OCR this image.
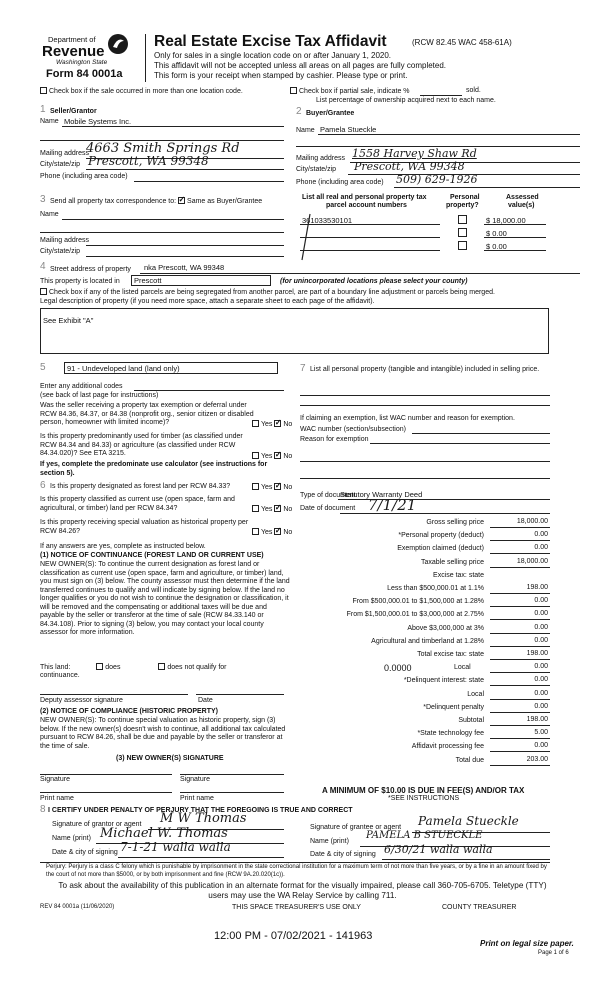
Department of
Revenue
Washington State
Form 84 0001a
Real Estate Excise Tax Affidavit	(RCW 82.45 WAC 458-61A)
Only for sales in a single location code on or after January 1, 2020.
This affidavit will not be accepted unless all areas on all pages are fully completed.
This form is your receipt when stamped by cashier. Please type or print.
Check box if the sale occurred in more than one location code.	Check box if partial sale, indicate %	sold.
List percentage of ownership acquired next to each name.
1 Seller/Grantor
Name Mobile Systems Inc.
Mailing address
4663 Smith Springs Rd
City/state/zip Prescott, WA 99348
Phone (including area code)
2 Buyer/Grantee
Name Pamela Stueckle
Mailing address 1558 Harvey Shaw Rd
City/state/zip Prescott, WA 99348
Phone (including area code) 509) 629-1926
3 Send all property tax correspondence to: ✓ Same as Buyer/Grantee
Name
Mailing address
City/state/zip
List all real and personal property tax
parcel account numbers
Personal
property?
Assessed
value(s)
361033530101	$ 18,000.00
$ 0.00
$ 0.00
4 Street address of property nka Prescott, WA 99348
This property is located in	Prescott	(for unincorporated locations please select your county)
Check box if any of the listed parcels are being segregated from another parcel, are part of a boundary line adjustment or parcels being merged.
Legal description of property (if you need more space, attach a separate sheet to each page of the affidavit).
See Exhibit "A"
5	91 - Undeveloped land (land only)
Enter any additional codes
(see back of last page for instructions)
Was the seller receiving a property tax exemption or deferral under RCW 84.36, 84.37, or 84.38 (nonprofit org., senior citizen or disabled person, homeowner with limited income)?	Yes ✓ No
Is this property predominantly used for timber (as classified under RCW 84.34 and 84.33) or agriculture (as classified under RCW 84.34.020)? See ETA 3215.	Yes ✓ No
If yes, complete the predominate use calculator (see instructions for section 5).
6 Is this property designated as forest land per RCW 84.33?	Yes ✓ No
Is this property classified as current use (open space, farm and agricultural, or timber) land per RCW 84.34?	Yes ✓ No
Is this property receiving special valuation as historical property per RCW 84.26?	Yes ✓ No
If any answers are yes, complete as instructed below.
(1) NOTICE OF CONTINUANCE (FOREST LAND OR CURRENT USE)
NEW OWNER(S): To continue the current designation as forest land or classification as current use (open space, farm and agriculture, or timber) land, you must sign on (3) below. The county assessor must then determine if the land transferred continues to qualify and will indicate by signing below. If the land no longer qualifies or you do not wish to continue the designation or classification, it will be removed and the compensating or additional taxes will be due and payable by the seller or transferor at the time of sale (RCW 84.33.140 or 84.34.108). Prior to signing (3) below, you may contact your local county assessor for more information.
This land:	does	does not qualify for
continuance.
Deputy assessor signature	Date
(2) NOTICE OF COMPLIANCE (HISTORIC PROPERTY)
NEW OWNER(S): To continue special valuation as historic property, sign (3) below. If the new owner(s) doesn't wish to continue, all additional tax calculated pursuant to RCW 84.26, shall be due and payable by the seller or transferor at the time of sale.
(3) NEW OWNER(S) SIGNATURE
Signature	Signature
Print name	Print name
7 List all personal property (tangible and intangible) included in selling price.
If claiming an exemption, list WAC number and reason for exemption.
WAC number (section/subsection)
Reason for exemption
Type of document
Statutory Warranty Deed
Date of document 7/1/21
Gross selling price	18,000.00
*Personal property (deduct)	0.00
Exemption claimed (deduct)	0.00
Taxable selling price	18,000.00
Excise tax: state
Less than $500,000.01 at 1.1%	198.00
From $500,000.01 to $1,500,000 at 1.28%	0.00
From $1,500,000.01 to $3,000,000 at 2.75%	0.00
Above $3,000,000 at 3%	0.00
Agricultural and timberland at 1.28%	0.00
Total excise tax: state	198.00
0.0000	Local	0.00
*Delinquent interest: state	0.00
Local	0.00
*Delinquent penalty	0.00
Subtotal	198.00
*State technology fee	5.00
Affidavit processing fee	0.00
Total due	203.00
A MINIMUM OF $10.00 IS DUE IN FEE(S) AND/OR TAX
*SEE INSTRUCTIONS
8 I CERTIFY UNDER PENALTY OF PERJURY THAT THE FOREGOING IS TRUE AND CORRECT
Signature of grantor or agent M W Thomas
Name (print) Michael W. Thomas
Date & city of signing 7-1-21 walla walla
Signature of grantee or agent Pamela Stueckle
Name (print)
PAMELA B STUECKLE
Date & city of signing 6/30/21 walla walla
Perjury: Perjury is a class C felony which is punishable by imprisonment in the state correctional institution for a maximum term of not more than five years, or by a fine in an amount fixed by the court of not more than $5000, or by both imprisonment and fine (RCW 9A.20.020(1c)).
To ask about the availability of this publication in an alternate format for the visually impaired, please call 360-705-6705. Teletype (TTY) users may use the WA Relay Service by calling 711.
REV 84 0001a (11/06/2020)	THIS SPACE TREASURER'S USE ONLY	COUNTY TREASURER
12:00 PM - 07/02/2021 - 141963
Print on legal size paper.
Page 1 of 6
